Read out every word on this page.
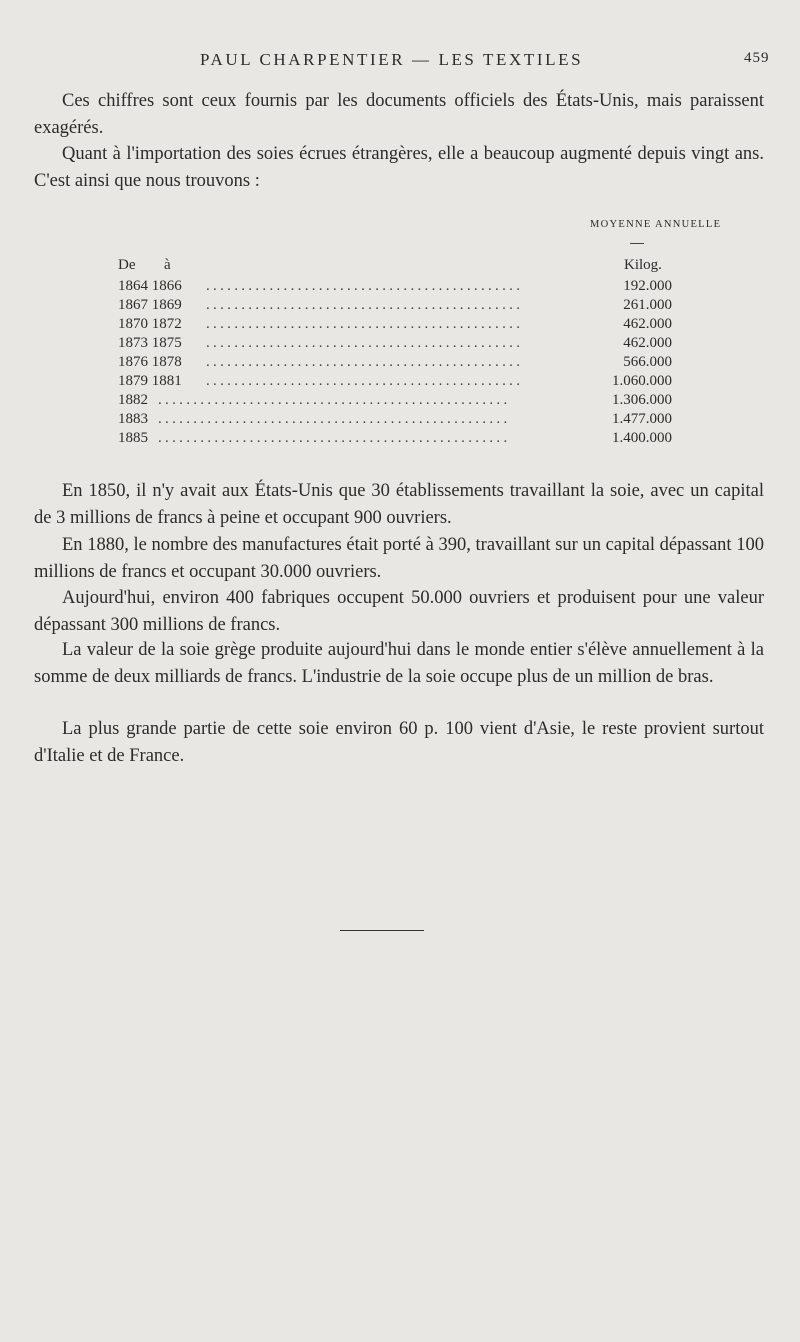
PAUL CHARPENTIER — LES TEXTILES	459

Ces chiffres sont ceux fournis par les documents officiels des États-Unis, mais paraissent exagérés.

Quant à l'importation des soies écrues étrangères, elle a beaucoup augmenté depuis vingt ans. C'est ainsi que nous trouvons :

MOYENNE ANNUELLE
De à	Kilog.
.............................................
1864 1866	192.000
.............................................
1867 1869	261.000
.............................................
1870 1872	462.000
.............................................
1873 1875	462.000
.............................................
1876 1878	566.000
.............................................
1879 1881	1.060.000
..................................................
1882	1.306.000
..................................................
1883	1.477.000
..................................................
1885	1.400.000

En 1850, il n'y avait aux États-Unis que 30 établissements travaillant la soie, avec un capital de 3 millions de francs à peine et occupant 900 ouvriers.

En 1880, le nombre des manufactures était porté à 390, travaillant sur un capital dépassant 100 millions de francs et occupant 30.000 ouvriers.

Aujourd'hui, environ 400 fabriques occupent 50.000 ouvriers et produisent pour une valeur dépassant 300 millions de francs.

La valeur de la soie grège produite aujourd'hui dans le monde entier s'élève annuellement à la somme de deux milliards de francs. L'industrie de la soie occupe plus de un million de bras.

La plus grande partie de cette soie environ 60 p. 100 vient d'Asie, le reste provient surtout d'Italie et de France.
